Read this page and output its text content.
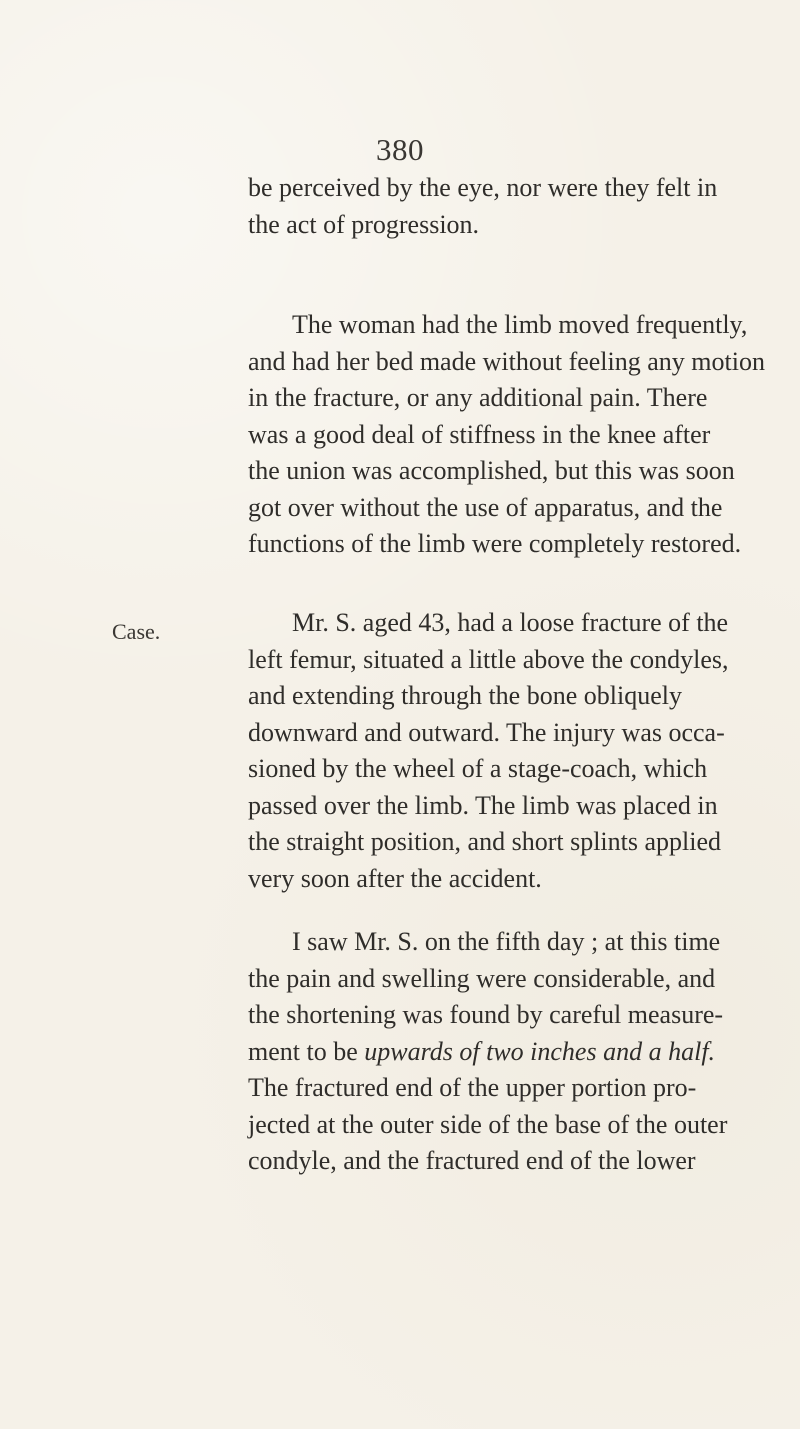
380
Case.
be perceived by the eye, nor were they felt in
the act of progression.
The woman had the limb moved frequently,
and had her bed made without feeling any motion
in the fracture, or any additional pain. There
was a good deal of stiffness in the knee after
the union was accomplished, but this was soon
got over without the use of apparatus, and the
functions of the limb were completely restored.
Mr. S. aged 43, had a loose fracture of the
left femur, situated a little above the condyles,
and extending through the bone obliquely
downward and outward. The injury was occa-
sioned by the wheel of a stage-coach, which
passed over the limb. The limb was placed in
the straight position, and short splints applied
very soon after the accident.
I saw Mr. S. on the fifth day ; at this time
the pain and swelling were considerable, and
the shortening was found by careful measure-
ment to be upwards of two inches and a half.
The fractured end of the upper portion pro-
jected at the outer side of the base of the outer
condyle, and the fractured end of the lower
